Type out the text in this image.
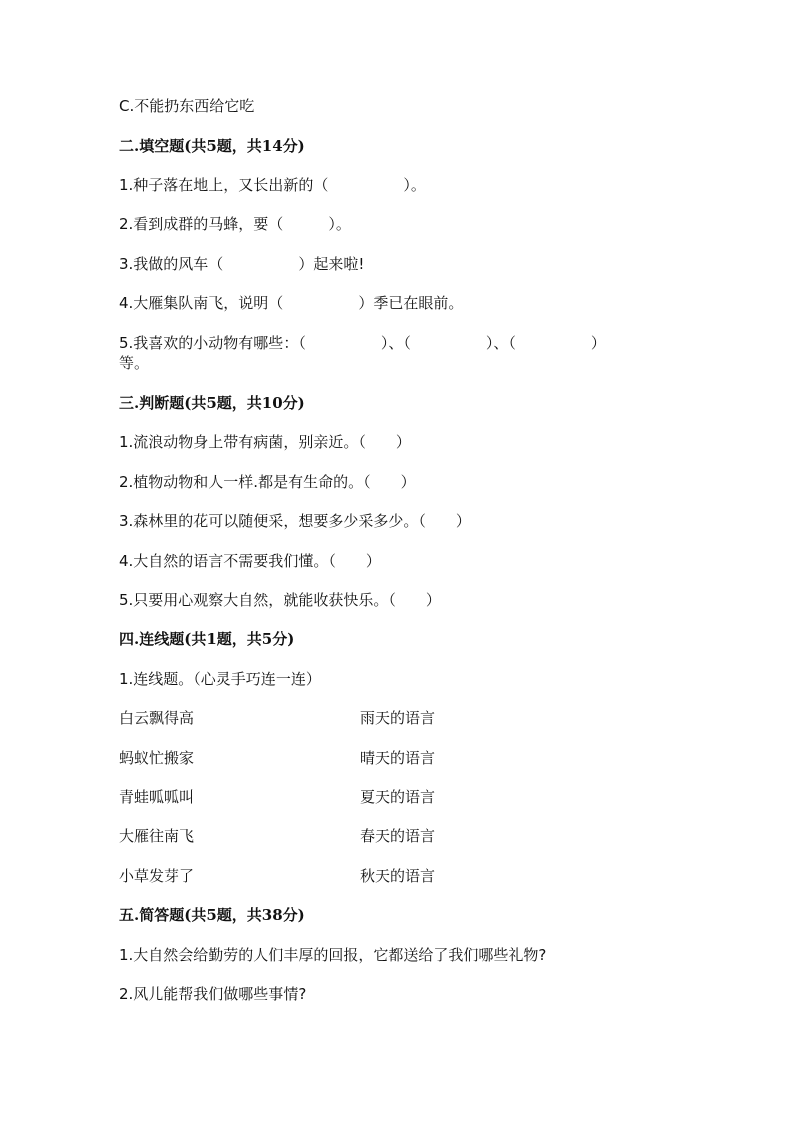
C.不能扔东西给它吃
二.填空题(共5题，共14分)
1.种子落在地上，又长出新的（　　　　　）。
2.看到成群的马蜂，要（　　　）。
3.我做的风车（　　　　　）起来啦!
4.大雁集队南飞，说明（　　　　　）季已在眼前。
5.我喜欢的小动物有哪些：（　　　　　）、（　　　　　）、（　　　　　）
等。
三.判断题(共5题，共10分)
1.流浪动物身上带有病菌，别亲近。（　　）
2.植物动物和人一样.都是有生命的。（　　）
3.森林里的花可以随便采，想要多少采多少。（　　）
4.大自然的语言不需要我们懂。（　　）
5.只要用心观察大自然，就能收获快乐。（　　）
四.连线题(共1题，共5分)
1.连线题。（心灵手巧连一连）
白云飘得高	雨天的语言
蚂蚁忙搬家	晴天的语言
青蛙呱呱叫	夏天的语言
大雁往南飞	春天的语言
小草发芽了	秋天的语言
五.简答题(共5题，共38分)
1.大自然会给勤劳的人们丰厚的回报，它都送给了我们哪些礼物?
2.风儿能帮我们做哪些事情?
